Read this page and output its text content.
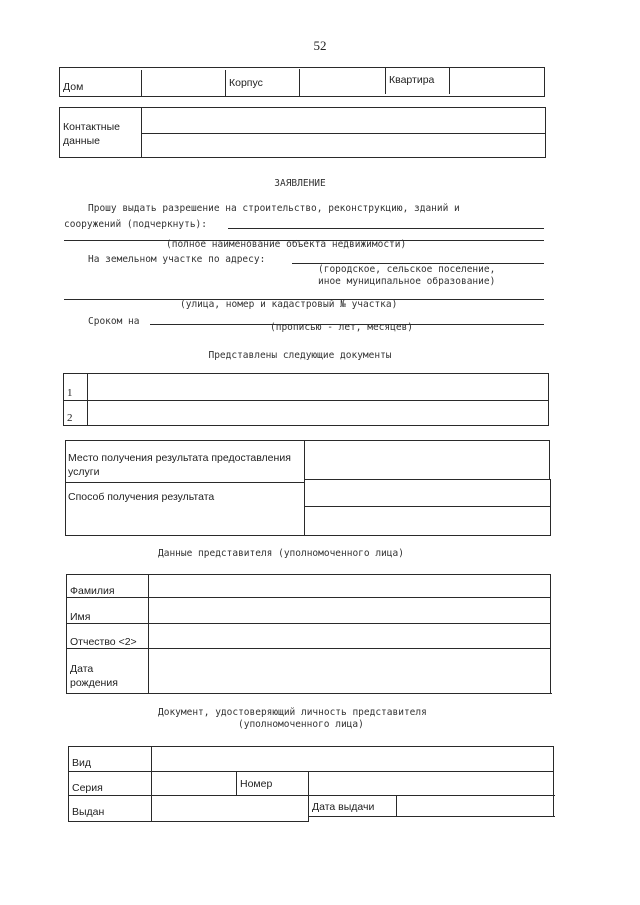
52
Дом	Корпус	Квартира
Контактные
данные
ЗАЯВЛЕНИЕ
Прошу выдать разрешение на строительство, реконструкцию, зданий и
сооружений (подчеркнуть):
(полное наименование объекта недвижимости)
На земельном участке по адресу:
(городское, сельское поселение,
иное муниципальное образование)
(улица, номер и кадастровый № участка)
Сроком на
(прописью - лет, месяцев)
Представлены следующие документы
1
2
Место получения результата предоставления
услуги
Способ получения результата
Данные представителя (уполномоченного лица)
Фамилия
Имя
Отчество <2>
Дата
рождения
Документ, удостоверяющий личность представителя
(уполномоченного лица)
Вид
Серия	Номер
Выдан	Дата выдачи
